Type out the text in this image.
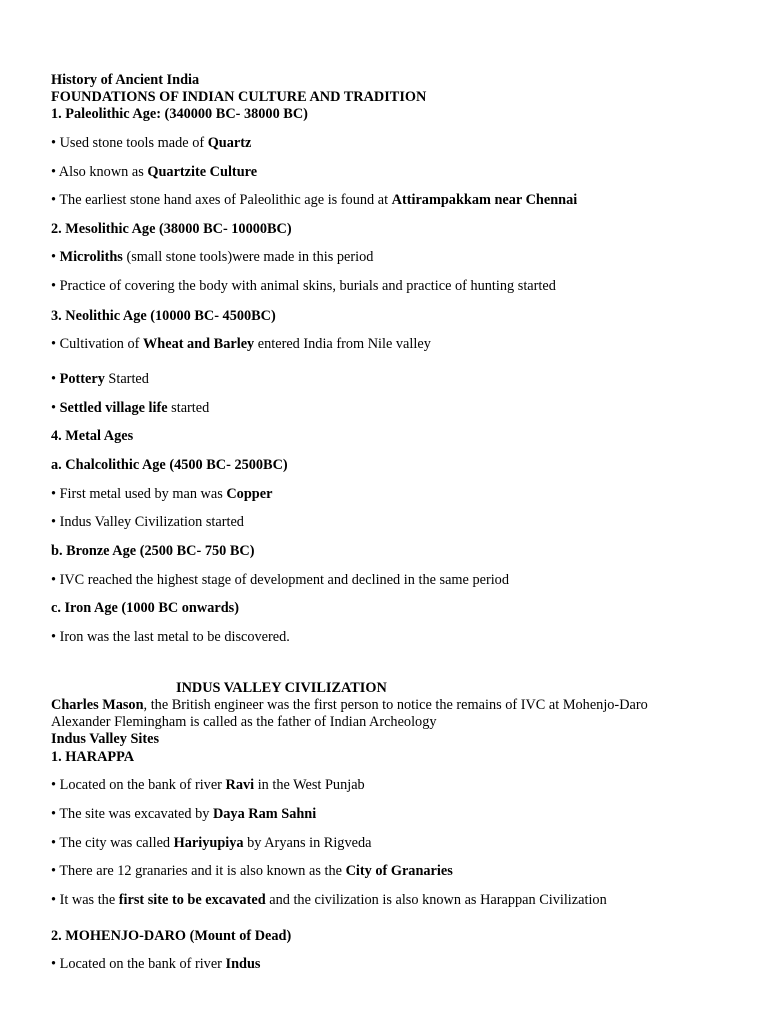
History of Ancient India
FOUNDATIONS OF INDIAN CULTURE AND TRADITION
1. Paleolithic Age: (340000 BC- 38000 BC)
• Used stone tools made of Quartz
• Also known as Quartzite Culture
• The earliest stone hand axes of Paleolithic age is found at Attirampakkam near Chennai
2. Mesolithic Age (38000 BC- 10000BC)
• Microliths (small stone tools)were made in this period
• Practice of covering the body with animal skins, burials and practice of hunting started
3. Neolithic Age (10000 BC- 4500BC)
• Cultivation of Wheat and Barley entered India from Nile valley
• Pottery Started
• Settled village life started
4. Metal Ages
a. Chalcolithic Age (4500 BC- 2500BC)
• First metal used by man was Copper
• Indus Valley Civilization started
b. Bronze Age (2500 BC- 750 BC)
• IVC reached the highest stage of development and declined in the same period
c. Iron Age (1000 BC onwards)
• Iron was the last metal to be discovered.
INDUS VALLEY CIVILIZATION
Charles Mason, the British engineer was the first person to notice the remains of IVC at Mohenjo-Daro
Alexander Flemingham is called as the father of Indian Archeology
Indus Valley Sites
1. HARAPPA
• Located on the bank of river Ravi in the West Punjab
• The site was excavated by Daya Ram Sahni
• The city was called Hariyupiya by Aryans in Rigveda
• There are 12 granaries and it is also known as the City of Granaries
• It was the first site to be excavated and the civilization is also known as Harappan Civilization
2. MOHENJO-DARO (Mount of Dead)
• Located on the bank of river Indus
